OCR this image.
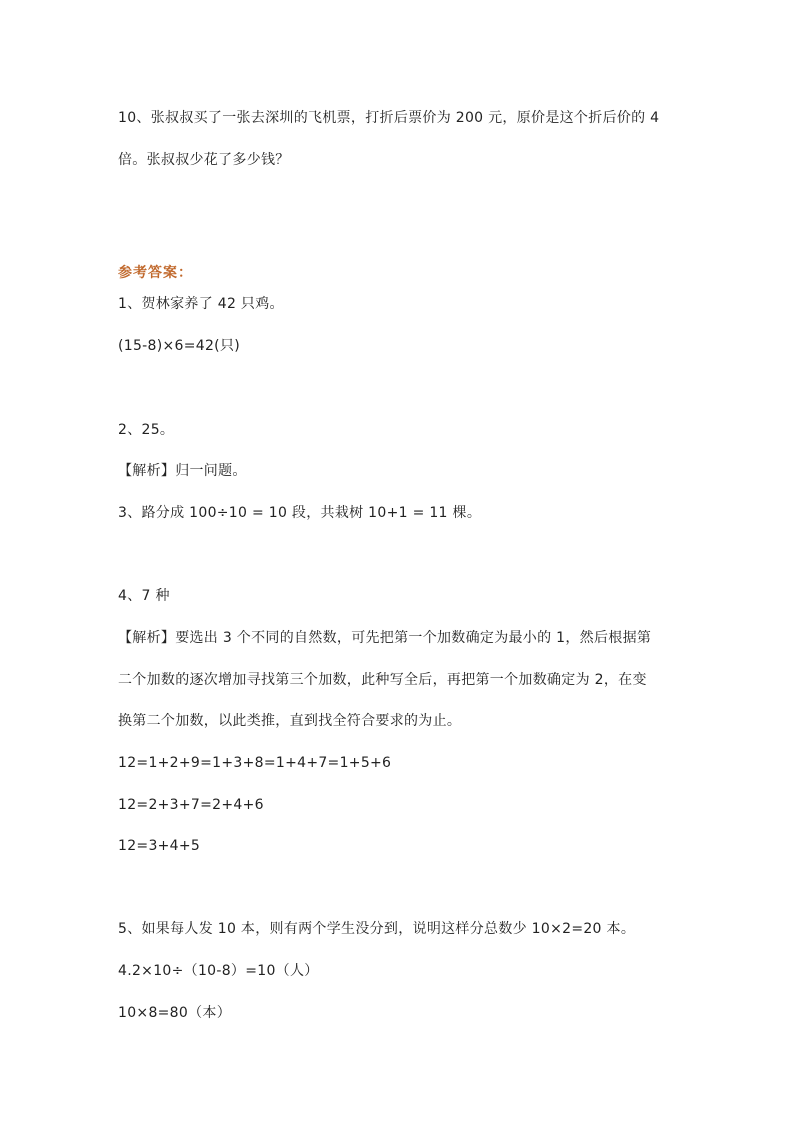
10、张叔叔买了一张去深圳的飞机票，打折后票价为 200 元，原价是这个折后价的 4
倍。张叔叔少花了多少钱？
参考答案：
1、贺林家养了 42 只鸡。
(15-8)×6=42(只)
2、25。
【解析】归一问题。
3、路分成 100÷10 = 10 段，共栽树 10+1 = 11 棵。
4、7 种
【解析】要选出 3 个不同的自然数，可先把第一个加数确定为最小的 1，然后根据第
二个加数的逐次增加寻找第三个加数，此种写全后，再把第一个加数确定为 2，在变
换第二个加数，以此类推，直到找全符合要求的为止。
12=1+2+9=1+3+8=1+4+7=1+5+6
12=2+3+7=2+4+6
12=3+4+5
5、如果每人发 10 本，则有两个学生没分到，说明这样分总数少 10×2=20 本。
4.2×10÷（10-8）=10（人）
10×8=80（本）
